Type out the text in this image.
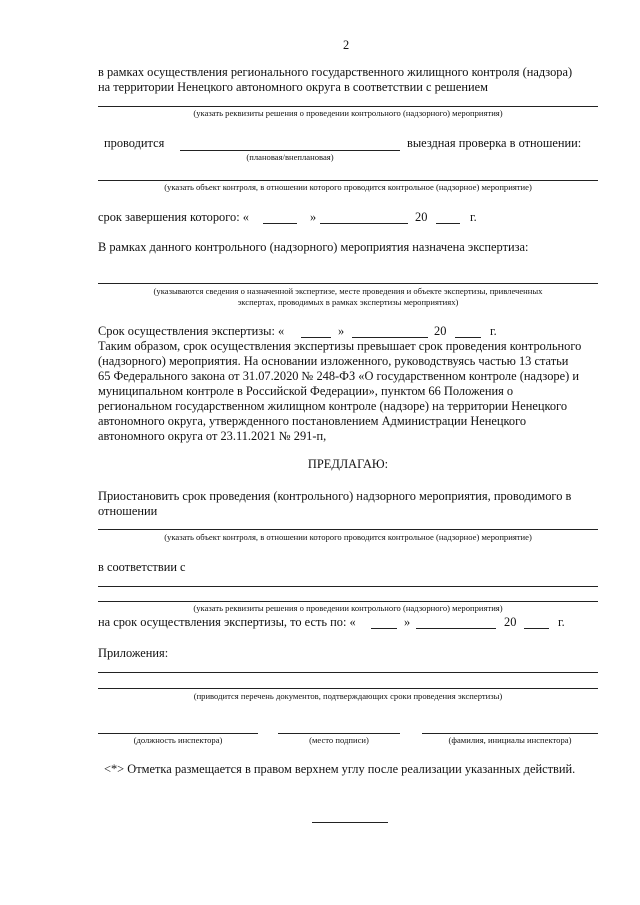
2
в рамках осуществления регионального государственного жилищного контроля (надзора)
на территории Ненецкого автономного округа в соответствии с решением
(указать реквизиты решения о проведении контрольного (надзорного) мероприятия)
проводится	выездная проверка в отношении:
(плановая/внеплановая)
(указать объект контроля, в отношении которого проводится контрольное (надзорное) мероприятие)
срок завершения которого: «	»	20	г.
В рамках данного контрольного (надзорного) мероприятия назначена экспертиза:
(указываются сведения о назначенной экспертизе, месте проведения и объекте экспертизы, привлеченных
экспертах, проводимых в рамках экспертизы мероприятиях)
Срок осуществления экспертизы: «	»	20	г.
Таким образом, срок осуществления экспертизы превышает срок проведения контрольного
(надзорного) мероприятия. На основании изложенного, руководствуясь частью 13 статьи
65 Федерального закона от 31.07.2020 № 248-ФЗ «О государственном контроле (надзоре) и
муниципальном контроле в Российской Федерации», пунктом 66 Положения о
региональном государственном жилищном контроле (надзоре) на территории Ненецкого
автономного округа, утвержденного постановлением Администрации Ненецкого
автономного округа от 23.11.2021 № 291-п,
ПРЕДЛАГАЮ:
Приостановить срок проведения (контрольного) надзорного мероприятия, проводимого в
отношении
(указать объект контроля, в отношении которого проводится контрольное (надзорное) мероприятие)
в соответствии с
(указать реквизиты решения о проведении контрольного (надзорного) мероприятия)
на срок осуществления экспертизы, то есть по: «	»	20	г.
Приложения:
(приводится перечень документов, подтверждающих сроки проведения экспертизы)
(должность инспектора)	(место подписи)	(фамилия, инициалы инспектора)
<*> Отметка размещается в правом верхнем углу после реализации указанных действий.
